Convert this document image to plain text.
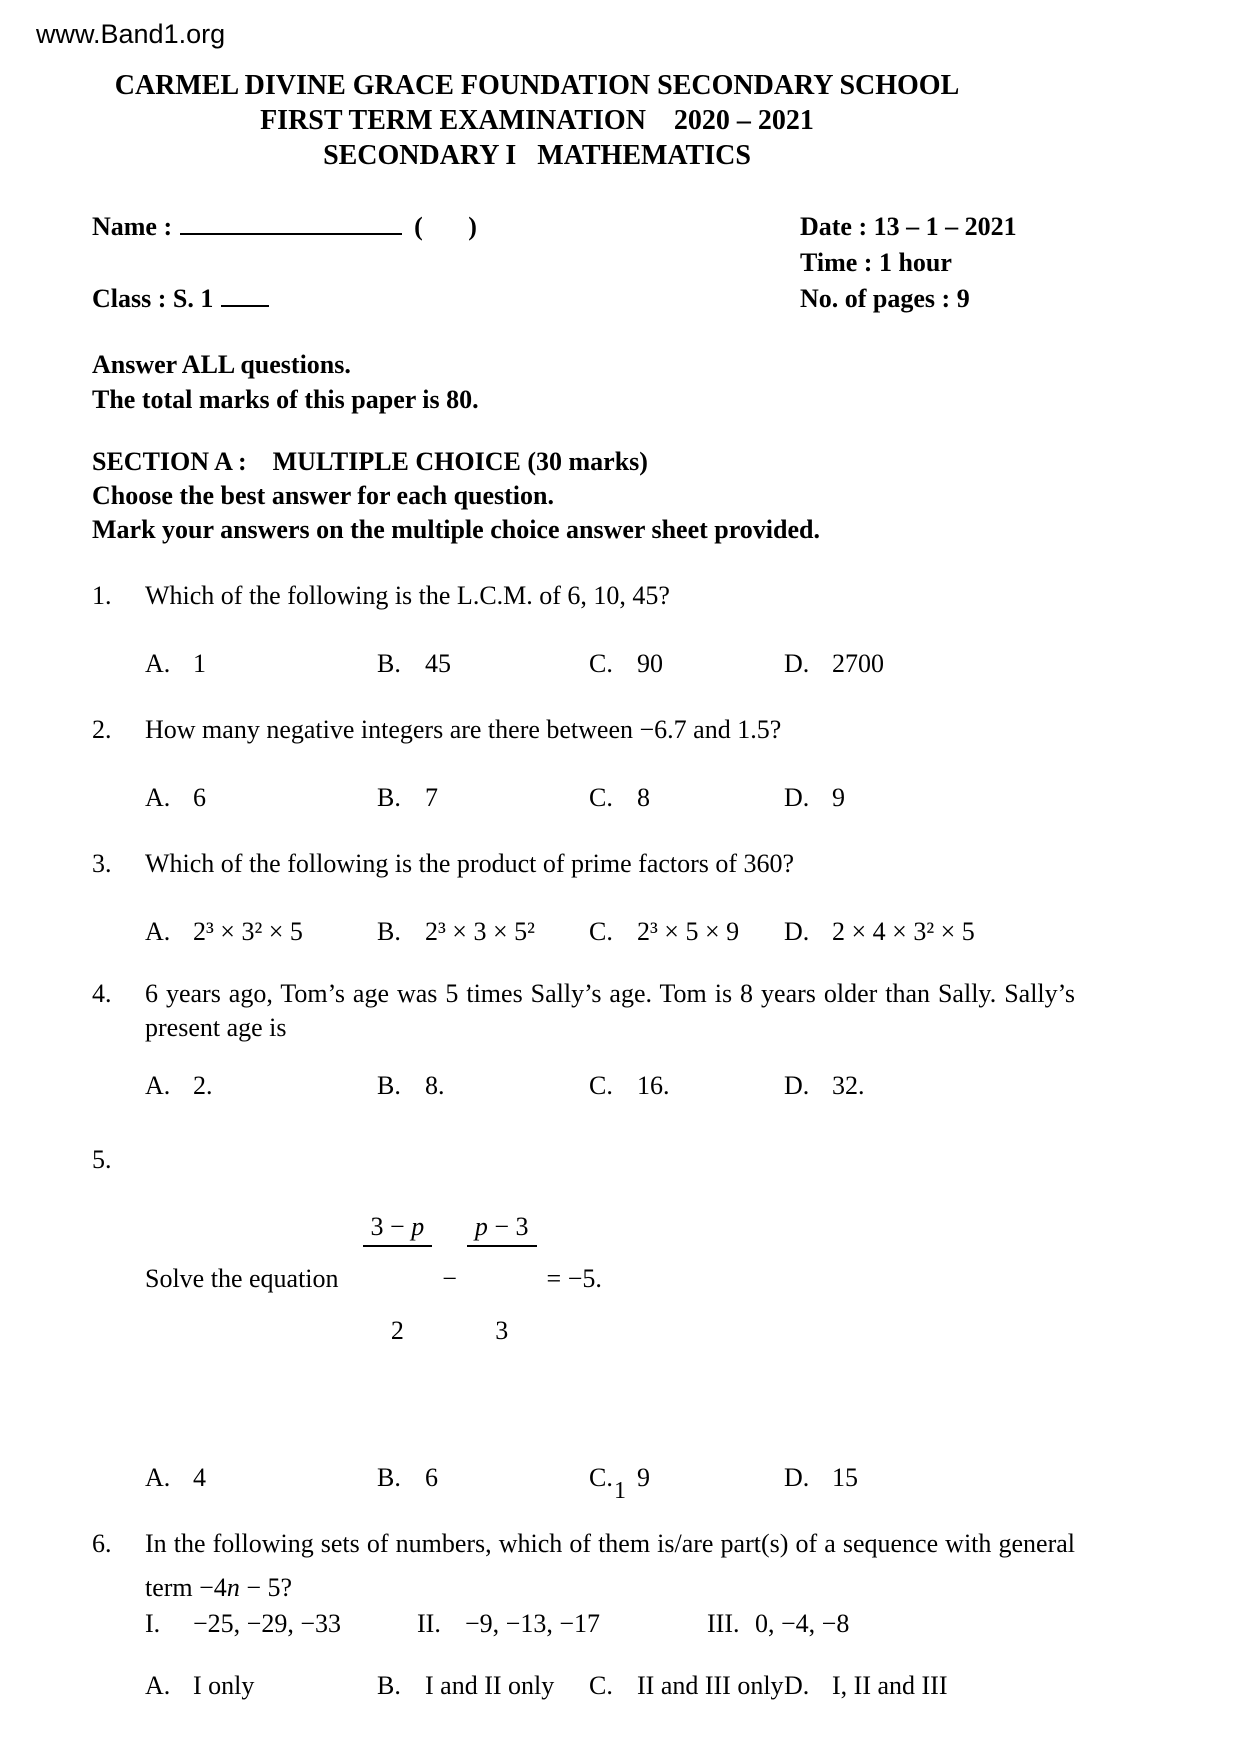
www.Band1.org
CARMEL DIVINE GRACE FOUNDATION SECONDARY SCHOOL
FIRST TERM EXAMINATION    2020 – 2021
SECONDARY I   MATHEMATICS
Name :	(       )

Class : S. 1
Date : 13 – 1 – 2021
Time : 1 hour
No. of pages : 9
Answer ALL questions.
The total marks of this paper is 80.
SECTION A :    MULTIPLE CHOICE (30 marks)
Choose the best answer for each question.
Mark your answers on the multiple choice answer sheet provided.
1.	Which of the following is the L.C.M. of 6, 10, 45?
A. 1	B. 45	C. 90	D. 2700
2.	How many negative integers are there between −6.7 and 1.5?
A. 6	B. 7	C. 8	D. 9
3.	Which of the following is the product of prime factors of 360?
A. 2³ × 3² × 5	B. 2³ × 3 × 5²	C. 2³ × 5 × 9	D. 2 × 4 × 3² × 5
4.	6 years ago, Tom’s age was 5 times Sally’s age. Tom is 8 years older than Sally. Sally’s present age is
A. 2.	B. 8.	C. 16.	D. 32.
5.
Solve the equation

$\frac{3 - p}{2}$

−

$\frac{p - 3}{3}$

= −5.
A. 4	B. 6	C. 9	D. 15
6.	In the following sets of numbers, which of them is/are part(s) of a sequence with general
term −4n − 5?
I. −25, −29, −33	II. −9, −13, −17	III. 0, −4, −8
A. I only	B. I and II only	C. II and III only D. I, II and III
1
